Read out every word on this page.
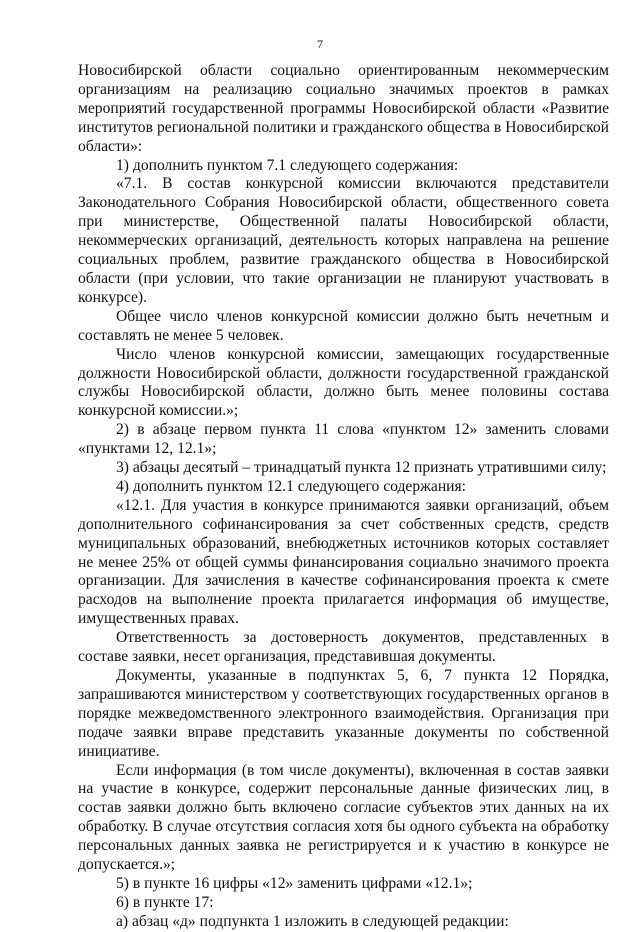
7

Новосибирской области социально ориентированным некоммерческим организациям на реализацию социально значимых проектов в рамках мероприятий государственной программы Новосибирской области «Развитие институтов региональной политики и гражданского общества в Новосибирской области»:

1) дополнить пунктом 7.1 следующего содержания:

«7.1. В состав конкурсной комиссии включаются представители Законодательного Собрания Новосибирской области, общественного совета при министерстве, Общественной палаты Новосибирской области, некоммерческих организаций, деятельность которых направлена на решение социальных проблем, развитие гражданского общества в Новосибирской области (при условии, что такие организации не планируют участвовать в конкурсе).

Общее число членов конкурсной комиссии должно быть нечетным и составлять не менее 5 человек.

Число членов конкурсной комиссии, замещающих государственные должности Новосибирской области, должности государственной гражданской службы Новосибирской области, должно быть менее половины состава конкурсной комиссии.»;

2) в абзаце первом пункта 11 слова «пунктом 12» заменить словами «пунктами 12, 12.1»;

3) абзацы десятый – тринадцатый пункта 12 признать утратившими силу;

4) дополнить пунктом 12.1 следующего содержания:

«12.1. Для участия в конкурсе принимаются заявки организаций, объем дополнительного софинансирования за счет собственных средств, средств муниципальных образований, внебюджетных источников которых составляет не менее 25% от общей суммы финансирования социально значимого проекта организации. Для зачисления в качестве софинансирования проекта к смете расходов на выполнение проекта прилагается информация об имуществе, имущественных правах.

Ответственность за достоверность документов, представленных в составе заявки, несет организация, представившая документы.

Документы, указанные в подпунктах 5, 6, 7 пункта 12 Порядка, запрашиваются министерством у соответствующих государственных органов в порядке межведомственного электронного взаимодействия. Организация при подаче заявки вправе представить указанные документы по собственной инициативе.

Если информация (в том числе документы), включенная в состав заявки на участие в конкурсе, содержит персональные данные физических лиц, в состав заявки должно быть включено согласие субъектов этих данных на их обработку. В случае отсутствия согласия хотя бы одного субъекта на обработку персональных данных заявка не регистрируется и к участию в конкурсе не допускается.»;

5) в пункте 16 цифры «12» заменить цифрами «12.1»;

6) в пункте 17:

а) абзац «д» подпункта 1 изложить в следующей редакции:
